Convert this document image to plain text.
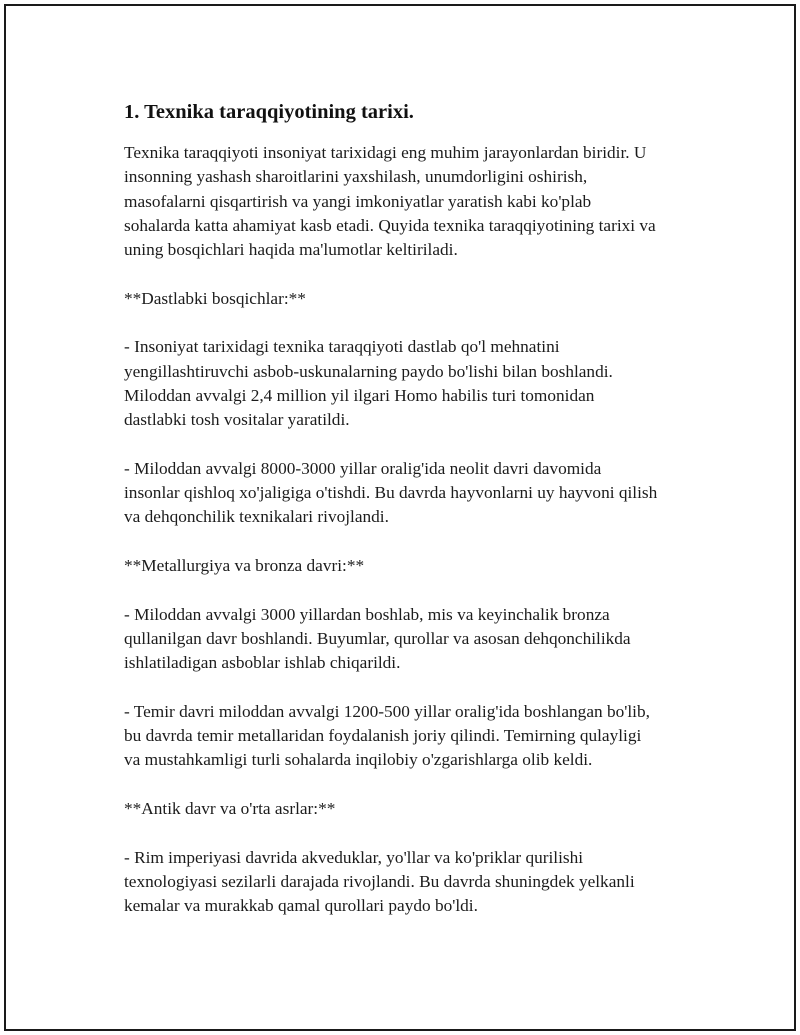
1. Texnika taraqqiyotining tarixi.

Texnika taraqqiyoti insoniyat tarixidagi eng muhim jarayonlardan biridir. U
insonning yashash sharoitlarini yaxshilash, unumdorligini oshirish,
masofalarni qisqartirish va yangi imkoniyatlar yaratish kabi ko'plab
sohalarda katta ahamiyat kasb etadi. Quyida texnika taraqqiyotining tarixi va
uning bosqichlari haqida ma'lumotlar keltiriladi.

**Dastlabki bosqichlar:**

- Insoniyat tarixidagi texnika taraqqiyoti dastlab qo'l mehnatini
yengillashtiruvchi asbob-uskunalarning paydo bo'lishi bilan boshlandi.
Miloddan avvalgi 2,4 million yil ilgari Homo habilis turi tomonidan
dastlabki tosh vositalar yaratildi.

- Miloddan avvalgi 8000-3000 yillar oralig'ida neolit davri davomida
insonlar qishloq xo'jaligiga o'tishdi. Bu davrda hayvonlarni uy hayvoni qilish
va dehqonchilik texnikalari rivojlandi.

**Metallurgiya va bronza davri:**

- Miloddan avvalgi 3000 yillardan boshlab, mis va keyinchalik bronza
qullanilgan davr boshlandi. Buyumlar, qurollar va asosan dehqonchilikda
ishlatiladigan asboblar ishlab chiqarildi.

- Temir davri miloddan avvalgi 1200-500 yillar oralig'ida boshlangan bo'lib,
bu davrda temir metallaridan foydalanish joriy qilindi. Temirning qulayligi
va mustahkamligi turli sohalarda inqilobiy o'zgarishlarga olib keldi.

**Antik davr va o'rta asrlar:**

- Rim imperiyasi davrida akveduklar, yo'llar va ko'priklar qurilishi
texnologiyasi sezilarli darajada rivojlandi. Bu davrda shuningdek yelkanli
kemalar va murakkab qamal qurollari paydo bo'ldi.
